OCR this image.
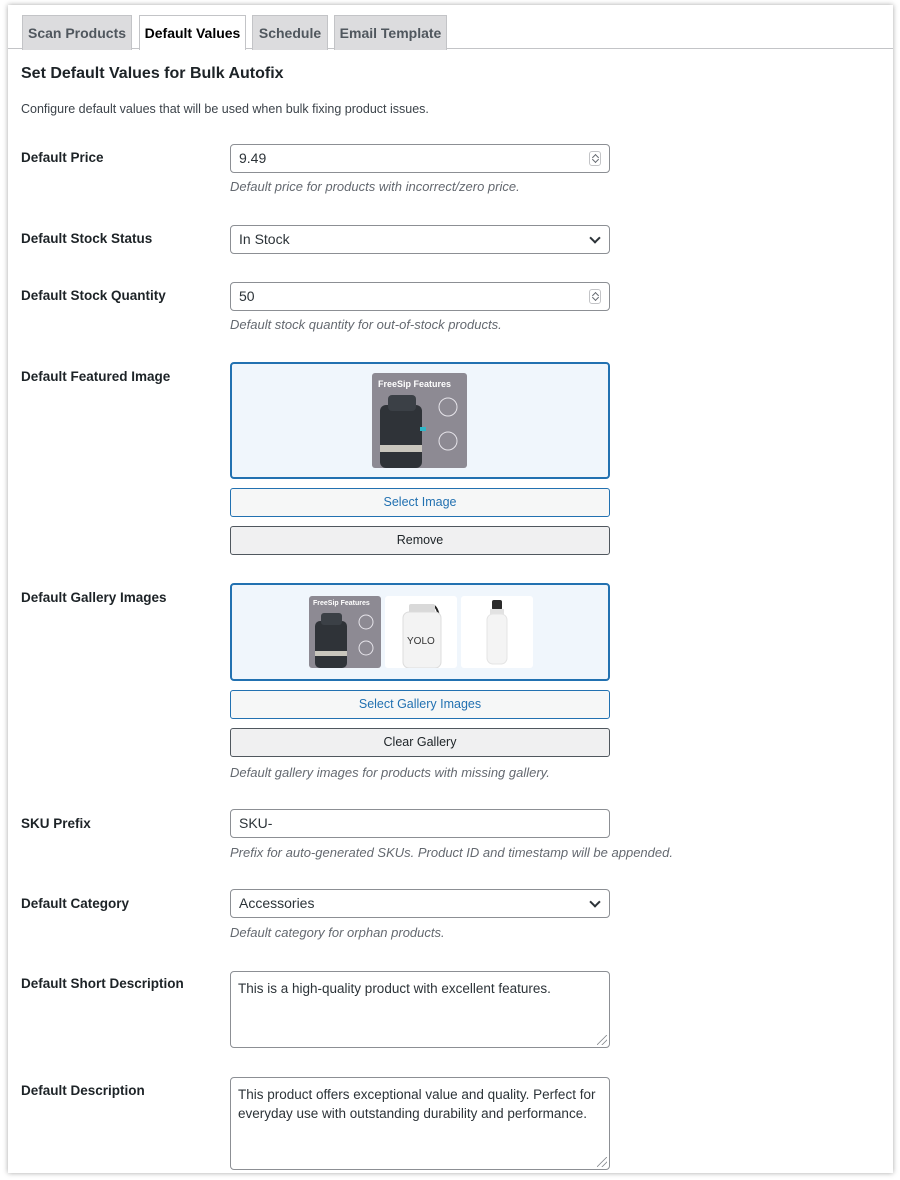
Scan Products	Default Values	Schedule	Email Template
Set Default Values for Bulk Autofix

Configure default values that will be used when bulk fixing product issues.

Default Price	9.49

Default price for products with incorrect/zero price.

Default Stock Status	In Stock
Default Stock Quantity	50

Default stock quantity for out-of-stock products.

Default Featured Image	FreeSip Features
Select Image
Remove
Default Gallery Images	FreeSip Features
YOLO
Select Gallery Images
Clear Gallery

Default gallery images for products with missing gallery.

SKU Prefix	SKU-

Prefix for auto-generated SKUs. Product ID and timestamp will be appended.

Default Category	Accessories

Default category for orphan products.

Default Short Description	This is a high-quality product with excellent features.
Default Description	This product offers exceptional value and quality. Perfect for everyday use with outstanding durability and performance.
